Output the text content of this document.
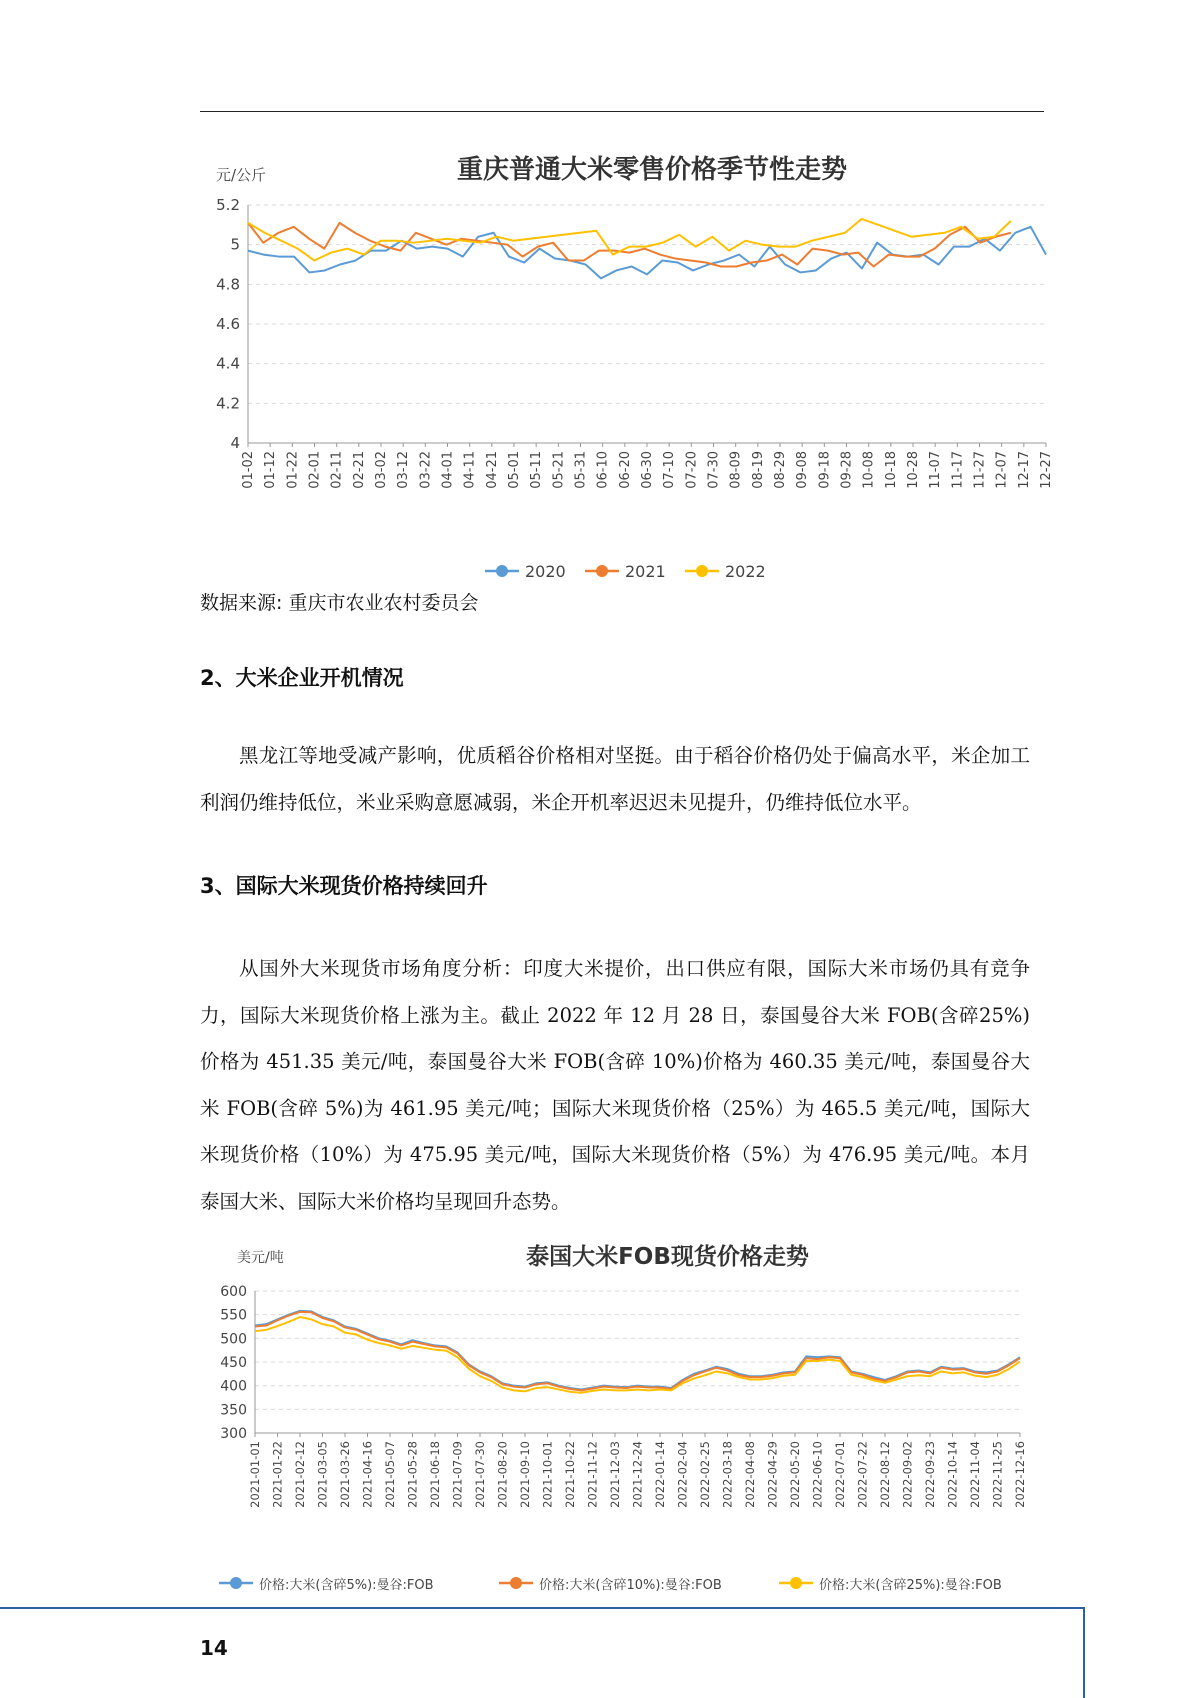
重庆普通大米零售价格季节性走势
元/公斤
4
4.2
4.4
4.6
4.8
5
5.2
01-02 01-12 01-22 02-01 02-11 02-21 03-02 03-12 03-22 04-01 04-11 04-21 05-01 05-11 05-21 05-31 06-10 06-20 06-30 07-10 07-20 07-30 08-09 08-19 08-29 09-08 09-18 09-28 10-08 10-18 10-28 11-07 11-17 11-27 12-07 12-17 12-27
2020	2021	2022
数据来源: 重庆市农业农村委员会
2、大米企业开机情况

黑龙江等地受减产影响，优质稻谷价格相对坚挺。由于稻谷价格仍处于偏高水平，米企加工利润仍维持低位，米业采购意愿减弱，米企开机率迟迟未见提升，仍维持低位水平。

3、国际大米现货价格持续回升

从国外大米现货市场角度分析：印度大米提价，出口供应有限，国际大米市场仍具有竞争力，国际大米现货价格上涨为主。截止 2022 年 12 月 28 日，泰国曼谷大米 FOB(含碎25%)价格为 451.35 美元/吨，泰国曼谷大米 FOB(含碎 10%)价格为 460.35 美元/吨，泰国曼谷大米 FOB(含碎 5%)为 461.95 美元/吨；国际大米现货价格（25%）为 465.5 美元/吨，国际大米现货价格（10%）为 475.95 美元/吨，国际大米现货价格（5%）为 476.95 美元/吨。本月泰国大米、国际大米价格均呈现回升态势。

泰国大米FOB现货价格走势
美元/吨
300
350
400
450
500
550
600
2021-01-01 2021-01-22 2021-02-12 2021-03-05 2021-03-26 2021-04-16 2021-05-07 2021-05-28 2021-06-18 2021-07-09 2021-07-30 2021-08-20 2021-09-10 2021-10-01 2021-10-22 2021-11-12 2021-12-03 2021-12-24 2022-01-14 2022-02-04 2022-02-25 2022-03-18 2022-04-08 2022-04-29 2022-05-20 2022-06-10 2022-07-01 2022-07-22 2022-08-12 2022-09-02 2022-09-23 2022-10-14 2022-11-04 2022-11-25 2022-12-16
价格:大米(含碎5%):曼谷:FOB	价格:大米(含碎10%):曼谷:FOB	价格:大米(含碎25%):曼谷:FOB
14
